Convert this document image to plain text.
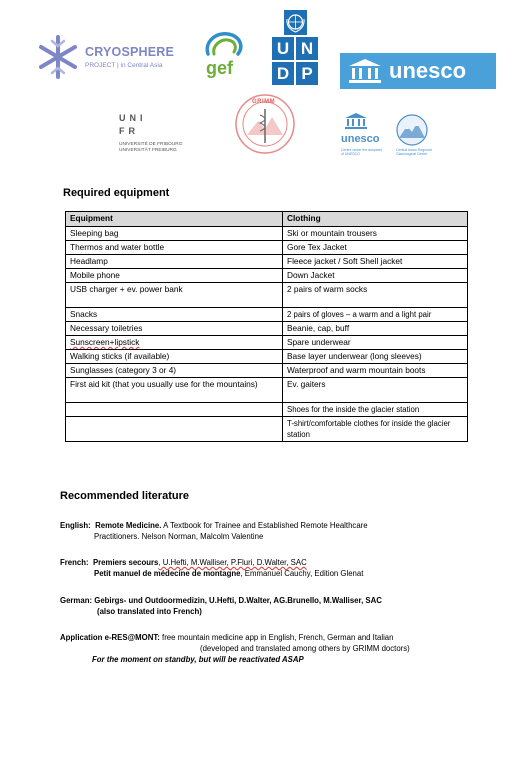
CRYOSPHERE
PROJECT | in Central Asia gef
U N
D P	unesco
UNI
FR
UNIVERSITÉ DE FRIBOURG
UNIVERSITÄT FREIBURG
GRIMM
unesco
Centre under the auspices of UNESCO
Central Asian Regional Glaciological Centre
Required equipment
Equipment	Clothing
Sleeping bag	Ski or mountain trousers
Thermos and water bottle	Gore Tex Jacket
Headlamp	Fleece jacket / Soft Shell jacket
Mobile phone	Down Jacket
USB charger + ev. power bank	2 pairs of warm socks
Snacks	2 pairs of gloves – a warm and a light pair
Necessary toiletries	Beanie, cap, buff
Sunscreen+lipstick	Spare underwear
Walking sticks (if available)	Base layer underwear (long sleeves)
Sunglasses (category 3 or 4)	Waterproof and warm mountain boots
First aid kit (that you usually use for the mountains)	Ev. gaiters
	Shoes for the inside the glacier station
	T-shirt/comfortable clothes for inside the glacier station
Recommended literature
English: Remote Medicine. A Textbook for Trainee and Established Remote Healthcare
Practitioners. Nelson Norman, Malcolm Valentine
French: Premiers secours, U.Hefti, M.Walliser, P.Fluri, D.Walter, SAC
Petit manuel de médecine de montagne, Emmanuel Cauchy, Edition Glenat
German: Gebirgs- und Outdoormedizin, U.Hefti, D.Walter, AG.Brunello, M.Walliser, SAC
(also translated into French)
Application e-RES@MONT: free mountain medicine app in English, French, German and Italian
(developed and translated among others by GRIMM doctors)
For the moment on standby, but will be reactivated ASAP
